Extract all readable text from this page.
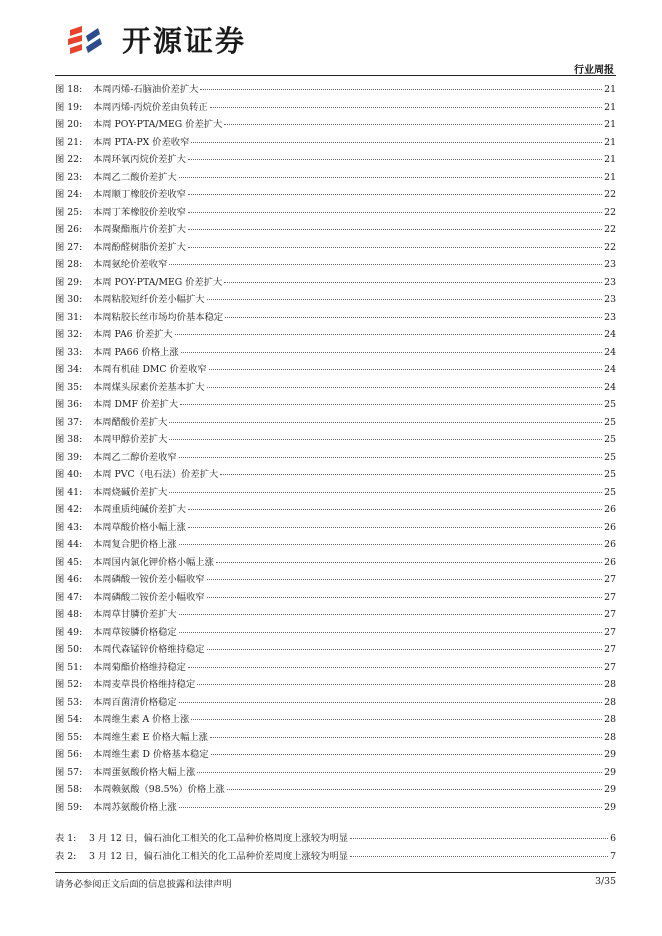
开源证券
行业周报
图 18:	本周丙烯-石脑油价差扩大	21
图 19:	本周丙烯-丙烷价差由负转正	21
图 20:	本周 POY-PTA/MEG 价差扩大	21
图 21:	本周 PTA-PX 价差收窄	21
图 22:	本周环氧丙烷价差扩大	21
图 23:	本周乙二酸价差扩大	21
图 24:	本周顺丁橡胶价差收窄	22
图 25:	本周丁苯橡胶价差收窄	22
图 26:	本周聚酯瓶片价差扩大	22
图 27:	本周酚醛树脂价差扩大	22
图 28:	本周氨纶价差收窄	23
图 29:	本周 POY-PTA/MEG 价差扩大	23
图 30:	本周粘胶短纤价差小幅扩大	23
图 31:	本周粘胶长丝市场均价基本稳定	23
图 32:	本周 PA6 价差扩大	24
图 33:	本周 PA66 价格上涨	24
图 34:	本周有机硅 DMC 价差收窄	24
图 35:	本周煤头尿素价差基本扩大	24
图 36:	本周 DMF 价差扩大	25
图 37:	本周醋酸价差扩大	25
图 38:	本周甲醇价差扩大	25
图 39:	本周乙二醇价差收窄	25
图 40:	本周 PVC（电石法）价差扩大	25
图 41:	本周烧碱价差扩大	25
图 42:	本周重质纯碱价差扩大	26
图 43:	本周草酸价格小幅上涨	26
图 44:	本周复合肥价格上涨	26
图 45:	本周国内氯化钾价格小幅上涨	26
图 46:	本周磷酸一铵价差小幅收窄	27
图 47:	本周磷酸二铵价差小幅收窄	27
图 48:	本周草甘膦价差扩大	27
图 49:	本周草铵膦价格稳定	27
图 50:	本周代森锰锌价格维持稳定	27
图 51:	本周菊酯价格维持稳定	27
图 52:	本周麦草畏价格维持稳定	28
图 53:	本周百菌清价格稳定	28
图 54:	本周维生素 A 价格上涨	28
图 55:	本周维生素 E 价格大幅上涨	28
图 56:	本周维生素 D 价格基本稳定	29
图 57:	本周蛋氨酸价格大幅上涨	29
图 58:	本周赖氨酸（98.5%）价格上涨	29
图 59:	本周苏氨酸价格上涨	29
表 1:	3 月 12 日，偏石油化工相关的化工品种价格周度上涨较为明显	6
表 2:	3 月 12 日，偏石油化工相关的化工品种价差周度上涨较为明显	7
请务必参阅正文后面的信息披露和法律声明	3/35
